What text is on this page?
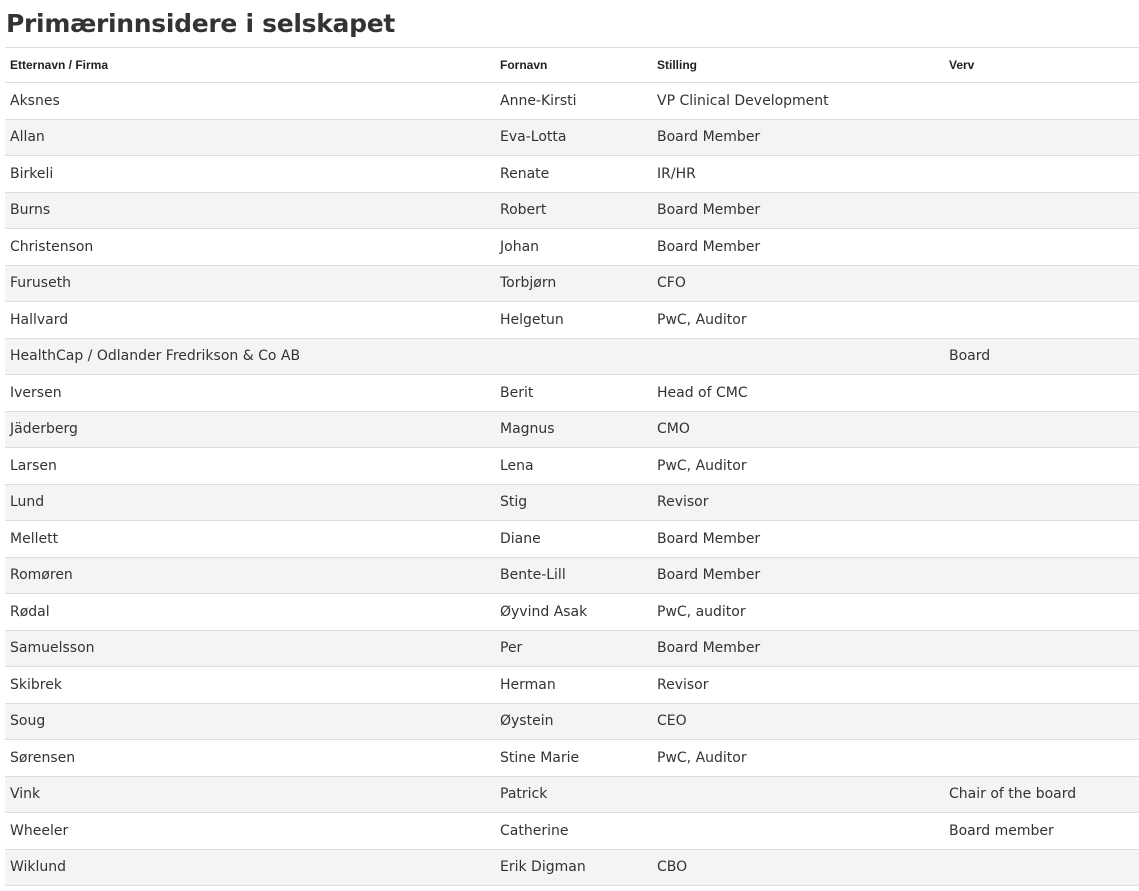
Primærinnsidere i selskapet
Etternavn / Firma	Fornavn	Stilling	Verv
Aksnes	Anne-Kirsti	VP Clinical Development	
Allan	Eva-Lotta	Board Member	
Birkeli	Renate	IR/HR	
Burns	Robert	Board Member	
Christenson	Johan	Board Member	
Furuseth	Torbjørn	CFO	
Hallvard	Helgetun	PwC, Auditor	
HealthCap / Odlander Fredrikson & Co AB			Board
Iversen	Berit	Head of CMC	
Jäderberg	Magnus	CMO	
Larsen	Lena	PwC, Auditor	
Lund	Stig	Revisor	
Mellett	Diane	Board Member	
Romøren	Bente-Lill	Board Member	
Rødal	Øyvind Asak	PwC, auditor	
Samuelsson	Per	Board Member	
Skibrek	Herman	Revisor	
Soug	Øystein	CEO	
Sørensen	Stine Marie	PwC, Auditor	
Vink	Patrick		Chair of the board
Wheeler	Catherine		Board member
Wiklund	Erik Digman	CBO	
